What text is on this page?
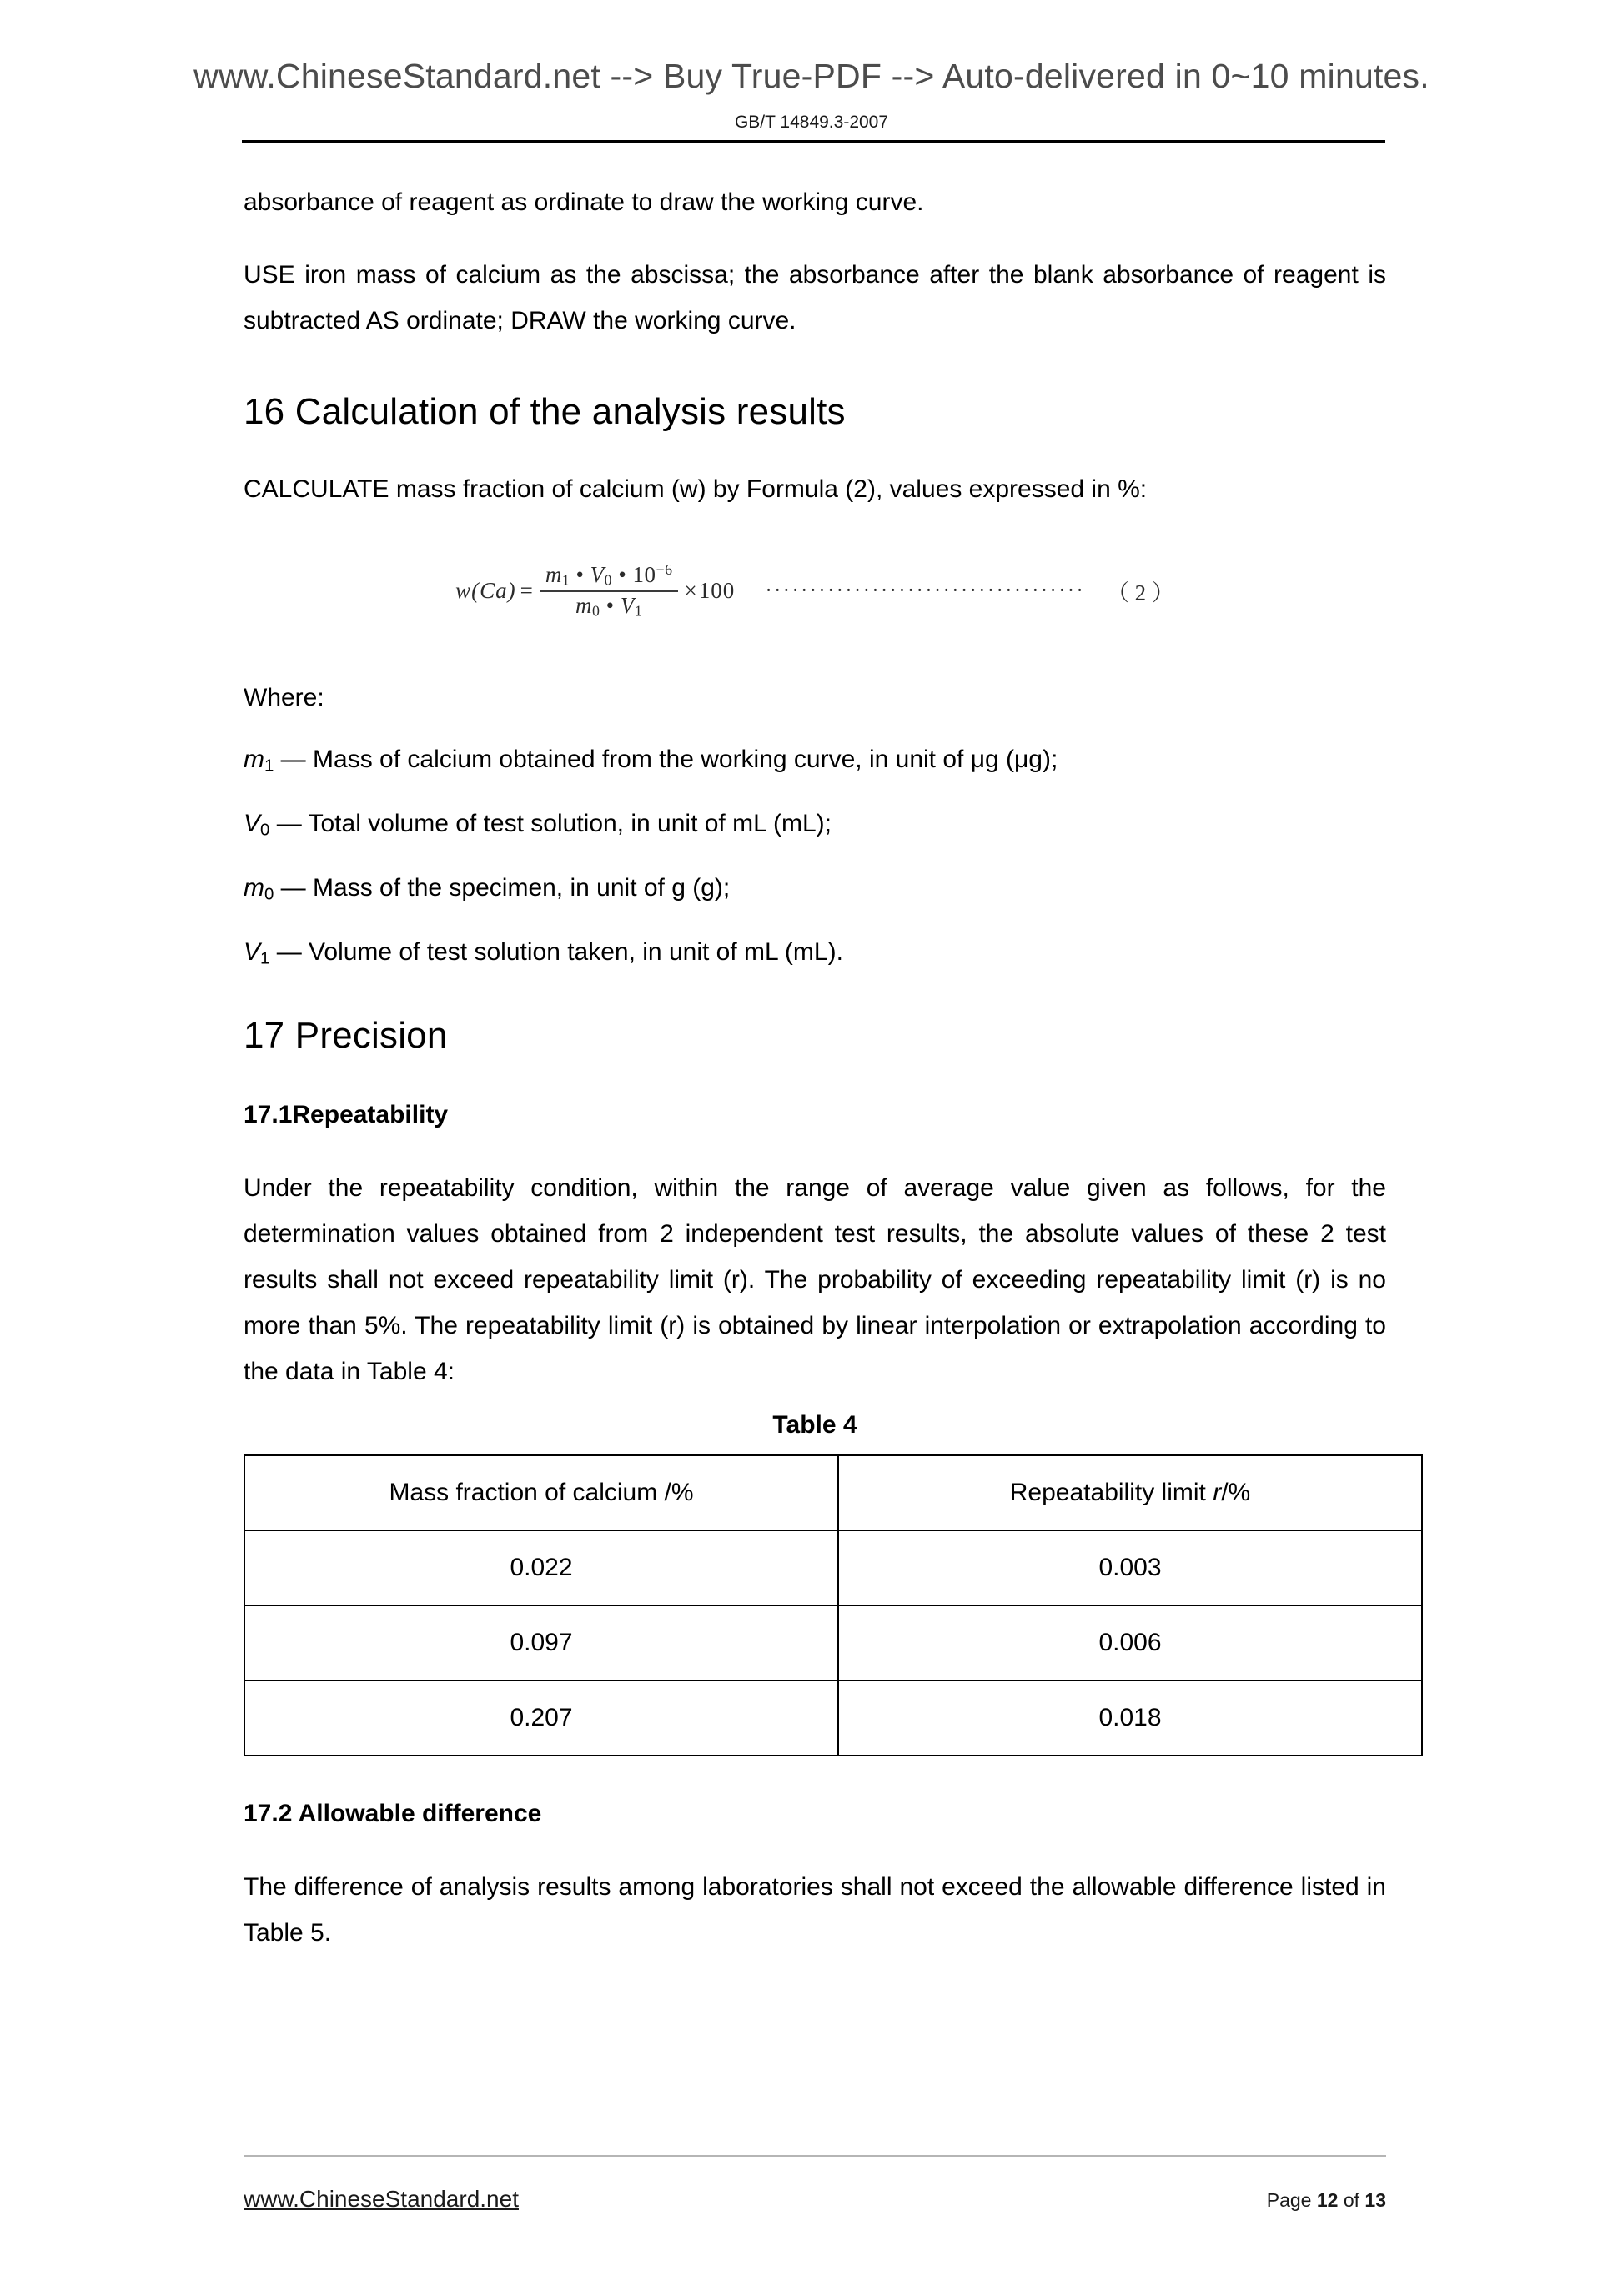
www.ChineseStandard.net --> Buy True-PDF --> Auto-delivered in 0~10 minutes.
GB/T 14849.3-2007

absorbance of reagent as ordinate to draw the working curve.

USE iron mass of calcium as the abscissa; the absorbance after the blank absorbance of reagent is subtracted AS ordinate; DRAW the working curve.

16 Calculation of the analysis results

CALCULATE mass fraction of calcium (w) by Formula (2), values expressed in %:

$w(Ca) = \frac{m_1 • V_0 • 10^{-6}}{m_0 • V_1} \times 100$ ···································· （ 2 ）

Where:

$m_1$ — Mass of calcium obtained from the working curve, in unit of μg (μg);

$V_0$ — Total volume of test solution, in unit of mL (mL);

$m_0$ — Mass of the specimen, in unit of g (g);

$V_1$ — Volume of test solution taken, in unit of mL (mL).

17 Precision
17.1Repeatability

Under the repeatability condition, within the range of average value given as follows, for the determination values obtained from 2 independent test results, the absolute values of these 2 test results shall not exceed repeatability limit (r). The probability of exceeding repeatability limit (r) is no more than 5%. The repeatability limit (r) is obtained by linear interpolation or extrapolation according to the data in Table 4:

Table 4
Mass fraction of calcium /%	Repeatability limit r/%
0.022	0.003
0.097	0.006
0.207	0.018
17.2 Allowable difference

The difference of analysis results among laboratories shall not exceed the allowable difference listed in Table 5.

www.ChineseStandard.net	Page 12 of 13
